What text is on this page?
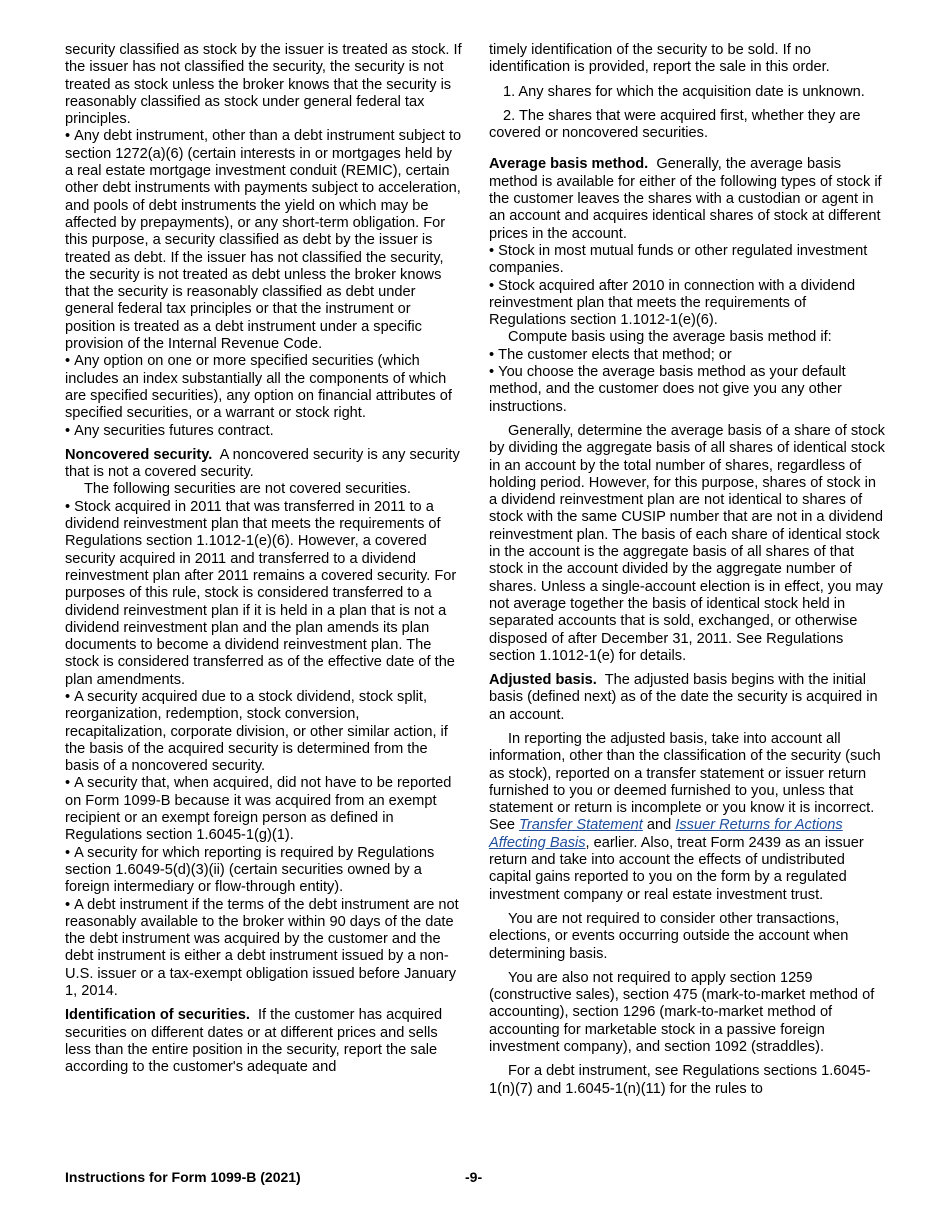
security classified as stock by the issuer is treated as stock. If the issuer has not classified the security, the security is not treated as stock unless the broker knows that the security is reasonably classified as stock under general federal tax principles.

• Any debt instrument, other than a debt instrument subject to section 1272(a)(6) (certain interests in or mortgages held by a real estate mortgage investment conduit (REMIC), certain other debt instruments with payments subject to acceleration, and pools of debt instruments the yield on which may be affected by prepayments), or any short-term obligation. For this purpose, a security classified as debt by the issuer is treated as debt. If the issuer has not classified the security, the security is not treated as debt unless the broker knows that the security is reasonably classified as debt under general federal tax principles or that the instrument or position is treated as a debt instrument under a specific provision of the Internal Revenue Code.

• Any option on one or more specified securities (which includes an index substantially all the components of which are specified securities), any option on financial attributes of specified securities, or a warrant or stock right.

• Any securities futures contract.

Noncovered security. A noncovered security is any security that is not a covered security.

The following securities are not covered securities.

• Stock acquired in 2011 that was transferred in 2011 to a dividend reinvestment plan that meets the requirements of Regulations section 1.1012-1(e)(6). However, a covered security acquired in 2011 and transferred to a dividend reinvestment plan after 2011 remains a covered security. For purposes of this rule, stock is considered transferred to a dividend reinvestment plan if it is held in a plan that is not a dividend reinvestment plan and the plan amends its plan documents to become a dividend reinvestment plan. The stock is considered transferred as of the effective date of the plan amendments.

• A security acquired due to a stock dividend, stock split, reorganization, redemption, stock conversion, recapitalization, corporate division, or other similar action, if the basis of the acquired security is determined from the basis of a noncovered security.

• A security that, when acquired, did not have to be reported on Form 1099-B because it was acquired from an exempt recipient or an exempt foreign person as defined in Regulations section 1.6045-1(g)(1).

• A security for which reporting is required by Regulations section 1.6049-5(d)(3)(ii) (certain securities owned by a foreign intermediary or flow-through entity).

• A debt instrument if the terms of the debt instrument are not reasonably available to the broker within 90 days of the date the debt instrument was acquired by the customer and the debt instrument is either a debt instrument issued by a non-U.S. issuer or a tax-exempt obligation issued before January 1, 2014.

Identification of securities. If the customer has acquired securities on different dates or at different prices and sells less than the entire position in the security, report the sale according to the customer's adequate and

timely identification of the security to be sold. If no identification is provided, report the sale in this order.

1. Any shares for which the acquisition date is unknown.

2. The shares that were acquired first, whether they are covered or noncovered securities.

Average basis method. Generally, the average basis method is available for either of the following types of stock if the customer leaves the shares with a custodian or agent in an account and acquires identical shares of stock at different prices in the account.

• Stock in most mutual funds or other regulated investment companies.

• Stock acquired after 2010 in connection with a dividend reinvestment plan that meets the requirements of Regulations section 1.1012-1(e)(6).

Compute basis using the average basis method if:

• The customer elects that method; or

• You choose the average basis method as your default method, and the customer does not give you any other instructions.

Generally, determine the average basis of a share of stock by dividing the aggregate basis of all shares of identical stock in an account by the total number of shares, regardless of holding period. However, for this purpose, shares of stock in a dividend reinvestment plan are not identical to shares of stock with the same CUSIP number that are not in a dividend reinvestment plan. The basis of each share of identical stock in the account is the aggregate basis of all shares of that stock in the account divided by the aggregate number of shares. Unless a single-account election is in effect, you may not average together the basis of identical stock held in separated accounts that is sold, exchanged, or otherwise disposed of after December 31, 2011. See Regulations section 1.1012-1(e) for details.

Adjusted basis. The adjusted basis begins with the initial basis (defined next) as of the date the security is acquired in an account.

In reporting the adjusted basis, take into account all information, other than the classification of the security (such as stock), reported on a transfer statement or issuer return furnished to you or deemed furnished to you, unless that statement or return is incomplete or you know it is incorrect. See Transfer Statement and Issuer Returns for Actions Affecting Basis, earlier. Also, treat Form 2439 as an issuer return and take into account the effects of undistributed capital gains reported to you on the form by a regulated investment company or real estate investment trust.

You are not required to consider other transactions, elections, or events occurring outside the account when determining basis.

You are also not required to apply section 1259 (constructive sales), section 475 (mark-to-market method of accounting), section 1296 (mark-to-market method of accounting for marketable stock in a passive foreign investment company), and section 1092 (straddles).

For a debt instrument, see Regulations sections 1.6045-1(n)(7) and 1.6045-1(n)(11) for the rules to

Instructions for Form 1099-B (2021)	-9-
